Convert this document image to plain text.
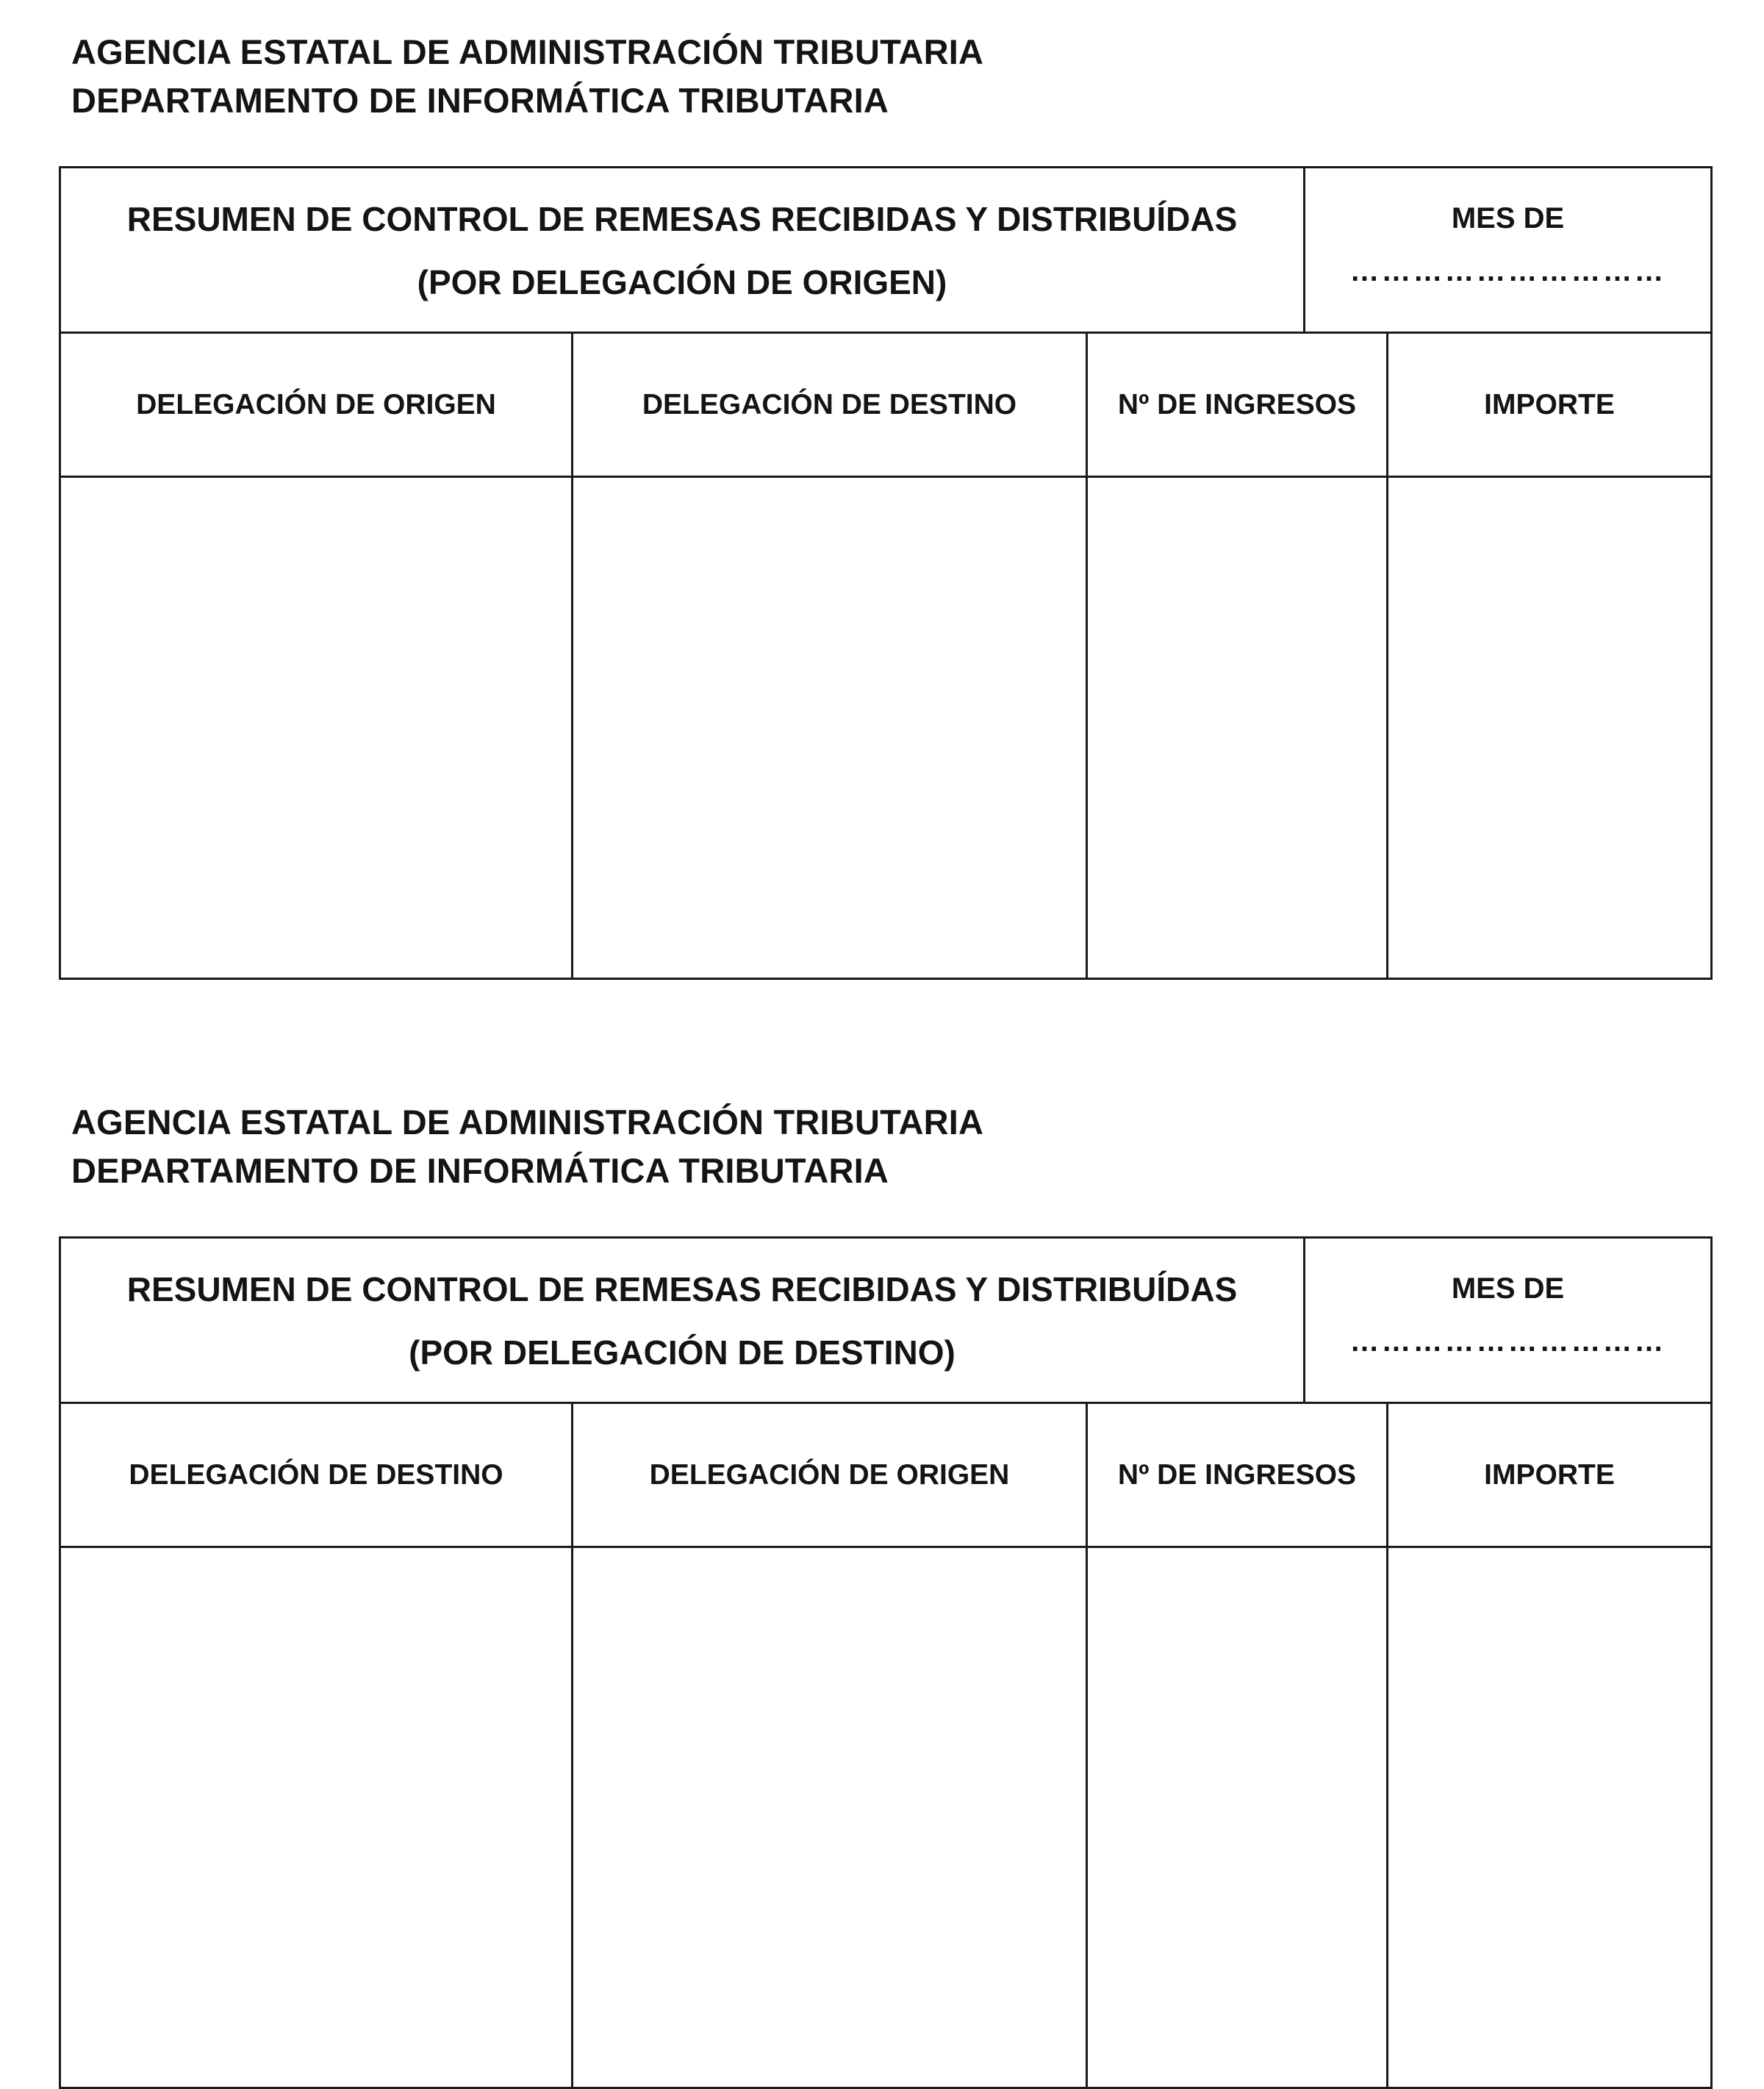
AGENCIA ESTATAL DE ADMINISTRACIÓN TRIBUTARIA
DEPARTAMENTO DE INFORMÁTICA TRIBUTARIA
RESUMEN DE CONTROL DE REMESAS RECIBIDAS Y DISTRIBUÍDAS
(POR DELEGACIÓN DE ORIGEN)
MES DE
…………………………
DELEGACIÓN DE ORIGEN	DELEGACIÓN DE DESTINO	Nº DE INGRESOS	IMPORTE
AGENCIA ESTATAL DE ADMINISTRACIÓN TRIBUTARIA
DEPARTAMENTO DE INFORMÁTICA TRIBUTARIA
RESUMEN DE CONTROL DE REMESAS RECIBIDAS Y DISTRIBUÍDAS
(POR DELEGACIÓN DE DESTINO)
MES DE
…………………………
DELEGACIÓN DE DESTINO	DELEGACIÓN DE ORIGEN	Nº DE INGRESOS	IMPORTE
